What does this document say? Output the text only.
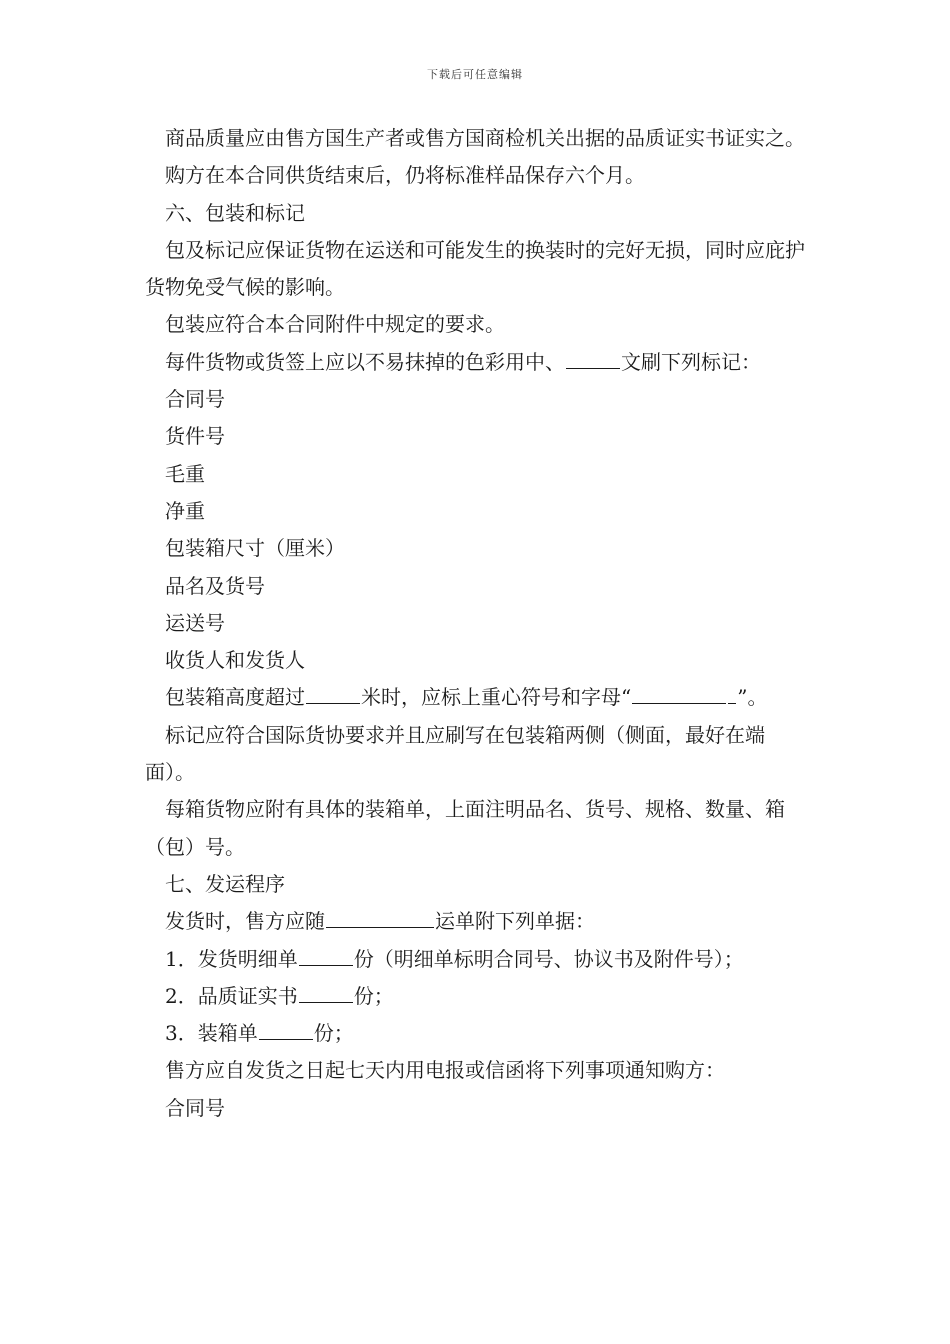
下载后可任意编辑

商品质量应由售方国生产者或售方国商检机关出据的品质证实书证实之。

购方在本合同供货结束后，仍将标准样品保存六个月。

六、包装和标记

包及标记应保证货物在运送和可能发生的换装时的完好无损，同时应庇护货物免受气候的影响。

包装应符合本合同附件中规定的要求。

每件货物或货签上应以不易抹掉的色彩用中、	文刷下列标记：

合同号

货件号

毛重

净重

包装箱尺寸（厘米）

品名及货号

运送号

收货人和发货人

包装箱高度超过	米时，应标上重心符号和字母“	”。

标记应符合国际货协要求并且应刷写在包装箱两侧（侧面，最好在端面）。

每箱货物应附有具体的装箱单，上面注明品名、货号、规格、数量、箱（包）号。

七、发运程序

发货时，售方应随	运单附下列单据：

1．发货明细单	份（明细单标明合同号、协议书及附件号）；

2．品质证实书	份；

3．装箱单	份；

售方应自发货之日起七天内用电报或信函将下列事项通知购方：

合同号
